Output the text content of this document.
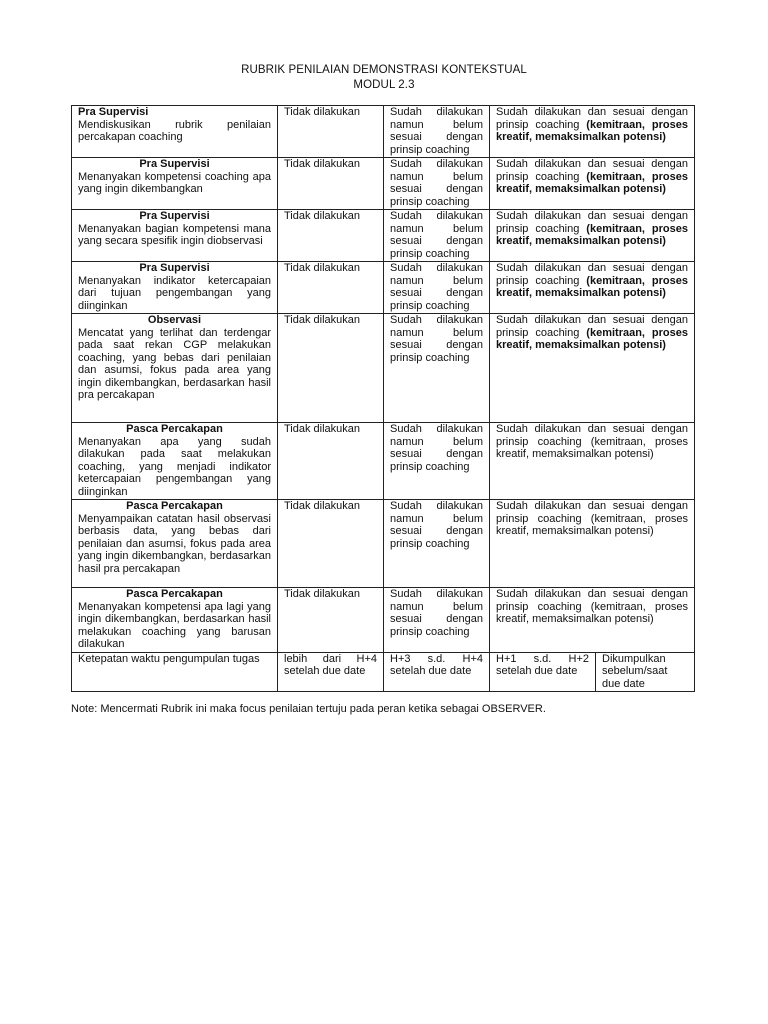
RUBRIK PENILAIAN DEMONSTRASI KONTEKSTUAL
MODUL 2.3
Pra Supervisi
Mendiskusikan rubrik penilaian percakapan coaching	Tidak dilakukan	Sudah dilakukan namun belum sesuai dengan prinsip coaching	Sudah dilakukan dan sesuai dengan prinsip coaching (kemitraan, proses kreatif, memaksimalkan potensi)	

Pra Supervisi
Menanyakan kompetensi coaching apa yang ingin dikembangkan	Tidak dilakukan	Sudah dilakukan namun belum sesuai dengan prinsip coaching	Sudah dilakukan dan sesuai dengan prinsip coaching (kemitraan, proses kreatif, memaksimalkan potensi)	

Pra Supervisi
Menanyakan bagian kompetensi mana yang secara spesifik ingin diobservasi	Tidak dilakukan	Sudah dilakukan namun belum sesuai dengan prinsip coaching	Sudah dilakukan dan sesuai dengan prinsip coaching (kemitraan, proses kreatif, memaksimalkan potensi)	

Pra Supervisi
Menanyakan indikator ketercapaian dari tujuan pengembangan yang diinginkan	Tidak dilakukan	Sudah dilakukan namun belum sesuai dengan prinsip coaching	Sudah dilakukan dan sesuai dengan prinsip coaching (kemitraan, proses kreatif, memaksimalkan potensi)	

Observasi
Mencatat yang terlihat dan terdengar pada saat rekan CGP melakukan coaching, yang bebas dari penilaian dan asumsi, fokus pada area yang ingin dikembangkan, berdasarkan hasil pra percakapan	Tidak dilakukan	Sudah dilakukan namun belum sesuai dengan prinsip coaching	Sudah dilakukan dan sesuai dengan prinsip coaching (kemitraan, proses kreatif, memaksimalkan potensi)	

Pasca Percakapan
Menanyakan apa yang sudah dilakukan pada saat melakukan coaching, yang menjadi indikator ketercapaian pengembangan yang diinginkan	Tidak dilakukan	Sudah dilakukan namun belum sesuai dengan prinsip coaching	Sudah dilakukan dan sesuai dengan prinsip coaching (kemitraan, proses kreatif, memaksimalkan potensi)	

Pasca Percakapan
Menyampaikan catatan hasil observasi berbasis data, yang bebas dari penilaian dan asumsi, fokus pada area yang ingin dikembangkan, berdasarkan hasil pra percakapan	Tidak dilakukan	Sudah dilakukan namun belum sesuai dengan prinsip coaching	Sudah dilakukan dan sesuai dengan prinsip coaching (kemitraan, proses kreatif, memaksimalkan potensi)	

Pasca Percakapan
Menanyakan kompetensi apa lagi yang ingin dikembangkan, berdasarkan hasil melakukan coaching yang barusan dilakukan	Tidak dilakukan	Sudah dilakukan namun belum sesuai dengan prinsip coaching	Sudah dilakukan dan sesuai dengan prinsip coaching (kemitraan, proses kreatif, memaksimalkan potensi)	
Ketepatan waktu pengumpulan tugas	lebih dari H+4 setelah due date	H+3 s.d. H+4 setelah due date	H+1 s.d. H+2 setelah due date	Dikumpulkan sebelum/saat due date
Note: Mencermati Rubrik ini maka focus penilaian tertuju pada peran ketika sebagai OBSERVER.
